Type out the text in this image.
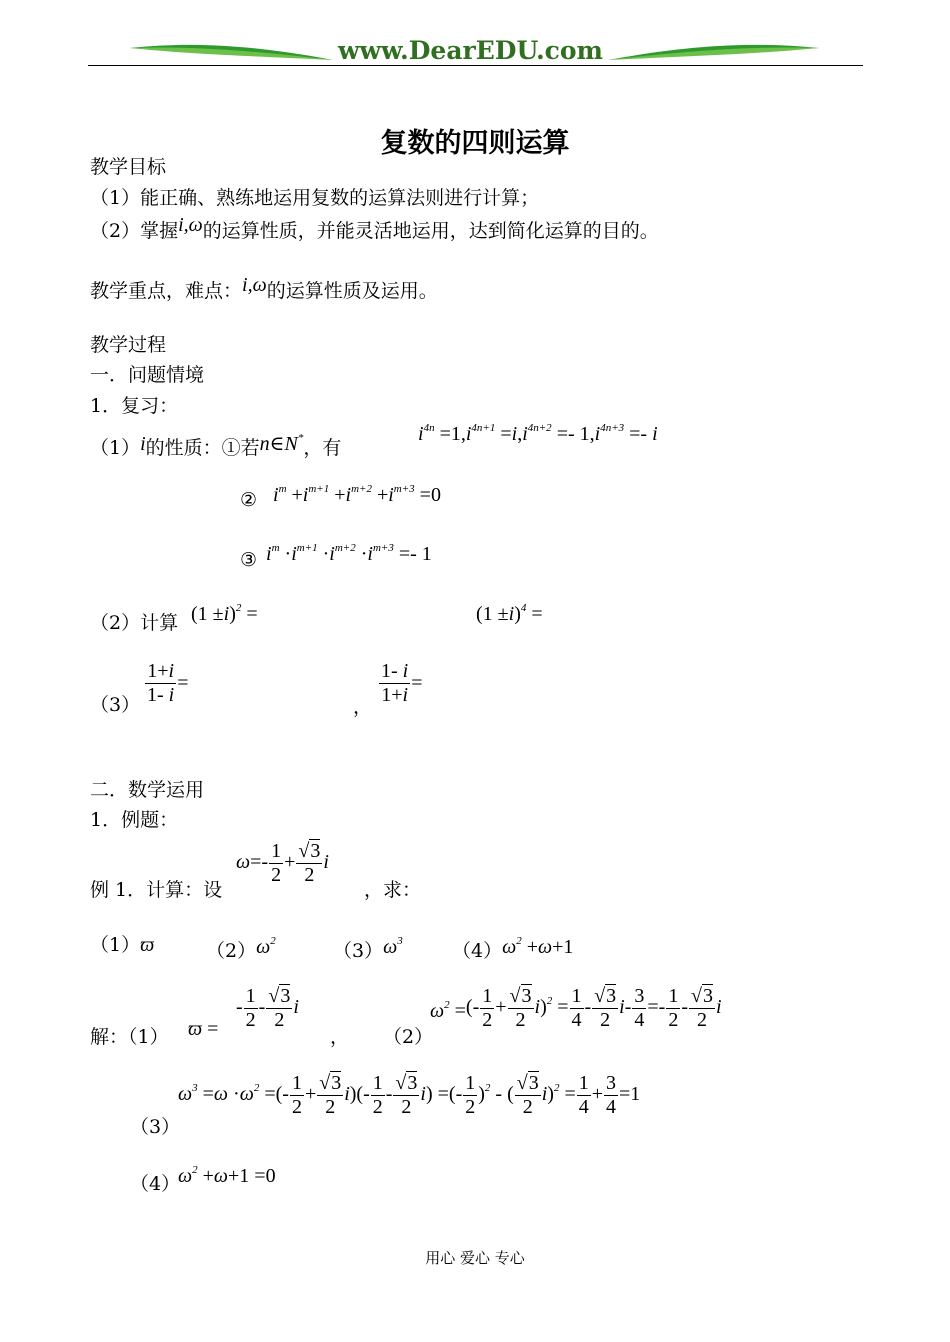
www.DearEDU.com
复数的四则运算
教学目标
（1）能正确、熟练地运用复数的运算法则进行计算；
（2）掌握i,ω的运算性质，并能灵活地运用，达到简化运算的目的。
教学重点，难点：i,ω的运算性质及运用。
教学过程
一．问题情境
1．复习：
（1）i的性质：①若n∈N*，有
$i^{4n} =1,i^{4n+1} =i,i^{4n+2} =- 1,i^{4n+3} =- i$
② $i^m +i^{m+1} +i^{m+2} +i^{m+3} =0$
③ $i^m \cdot i^{m+1} \cdot i^{m+2} \cdot i^{m+3} =- 1$
（2）计算 $(1 \pm i)^2$ =	$(1 \pm i)^4$ =
$(3) \frac{1+i}{1- i}$ =
， $\frac{1- i}{1+i}$ =
二．数学运用
1．例题：
例 1．计算：设
$\omega=- \frac{1}{2} + \frac{√3}{2}$ i
，求：
（1）ϖ	$(2)\omega^2$	$(3)\omega^3$	$(4)\omega^2 +\omega+1$
解：（1） ϖ =
- $\frac{1}{2} - \frac{√3}{2}$ i
， （2）
$\omega^2$ =(- $\frac{1}{2} + \frac{√3}{2} i)^2 = \frac{1}{4} - \frac{√3}{2} i- \frac{3}{4} =- \frac{1}{2} - \frac{√3}{2}$ i
（3）
$\omega^3 =\omega \cdot\omega^2$ =(- $\frac{1}{2} + \frac{√3}{2} i)(- \frac{1}{2} - \frac{√3}{2} i)$ =(- $\frac{1}{2} )^2$ - ( $\frac{√3}{2} i)^2 = \frac{1}{4} + \frac{3}{4} =1$
（4）
$\omega^2 +\omega+1 =0$
用心 爱心 专心
